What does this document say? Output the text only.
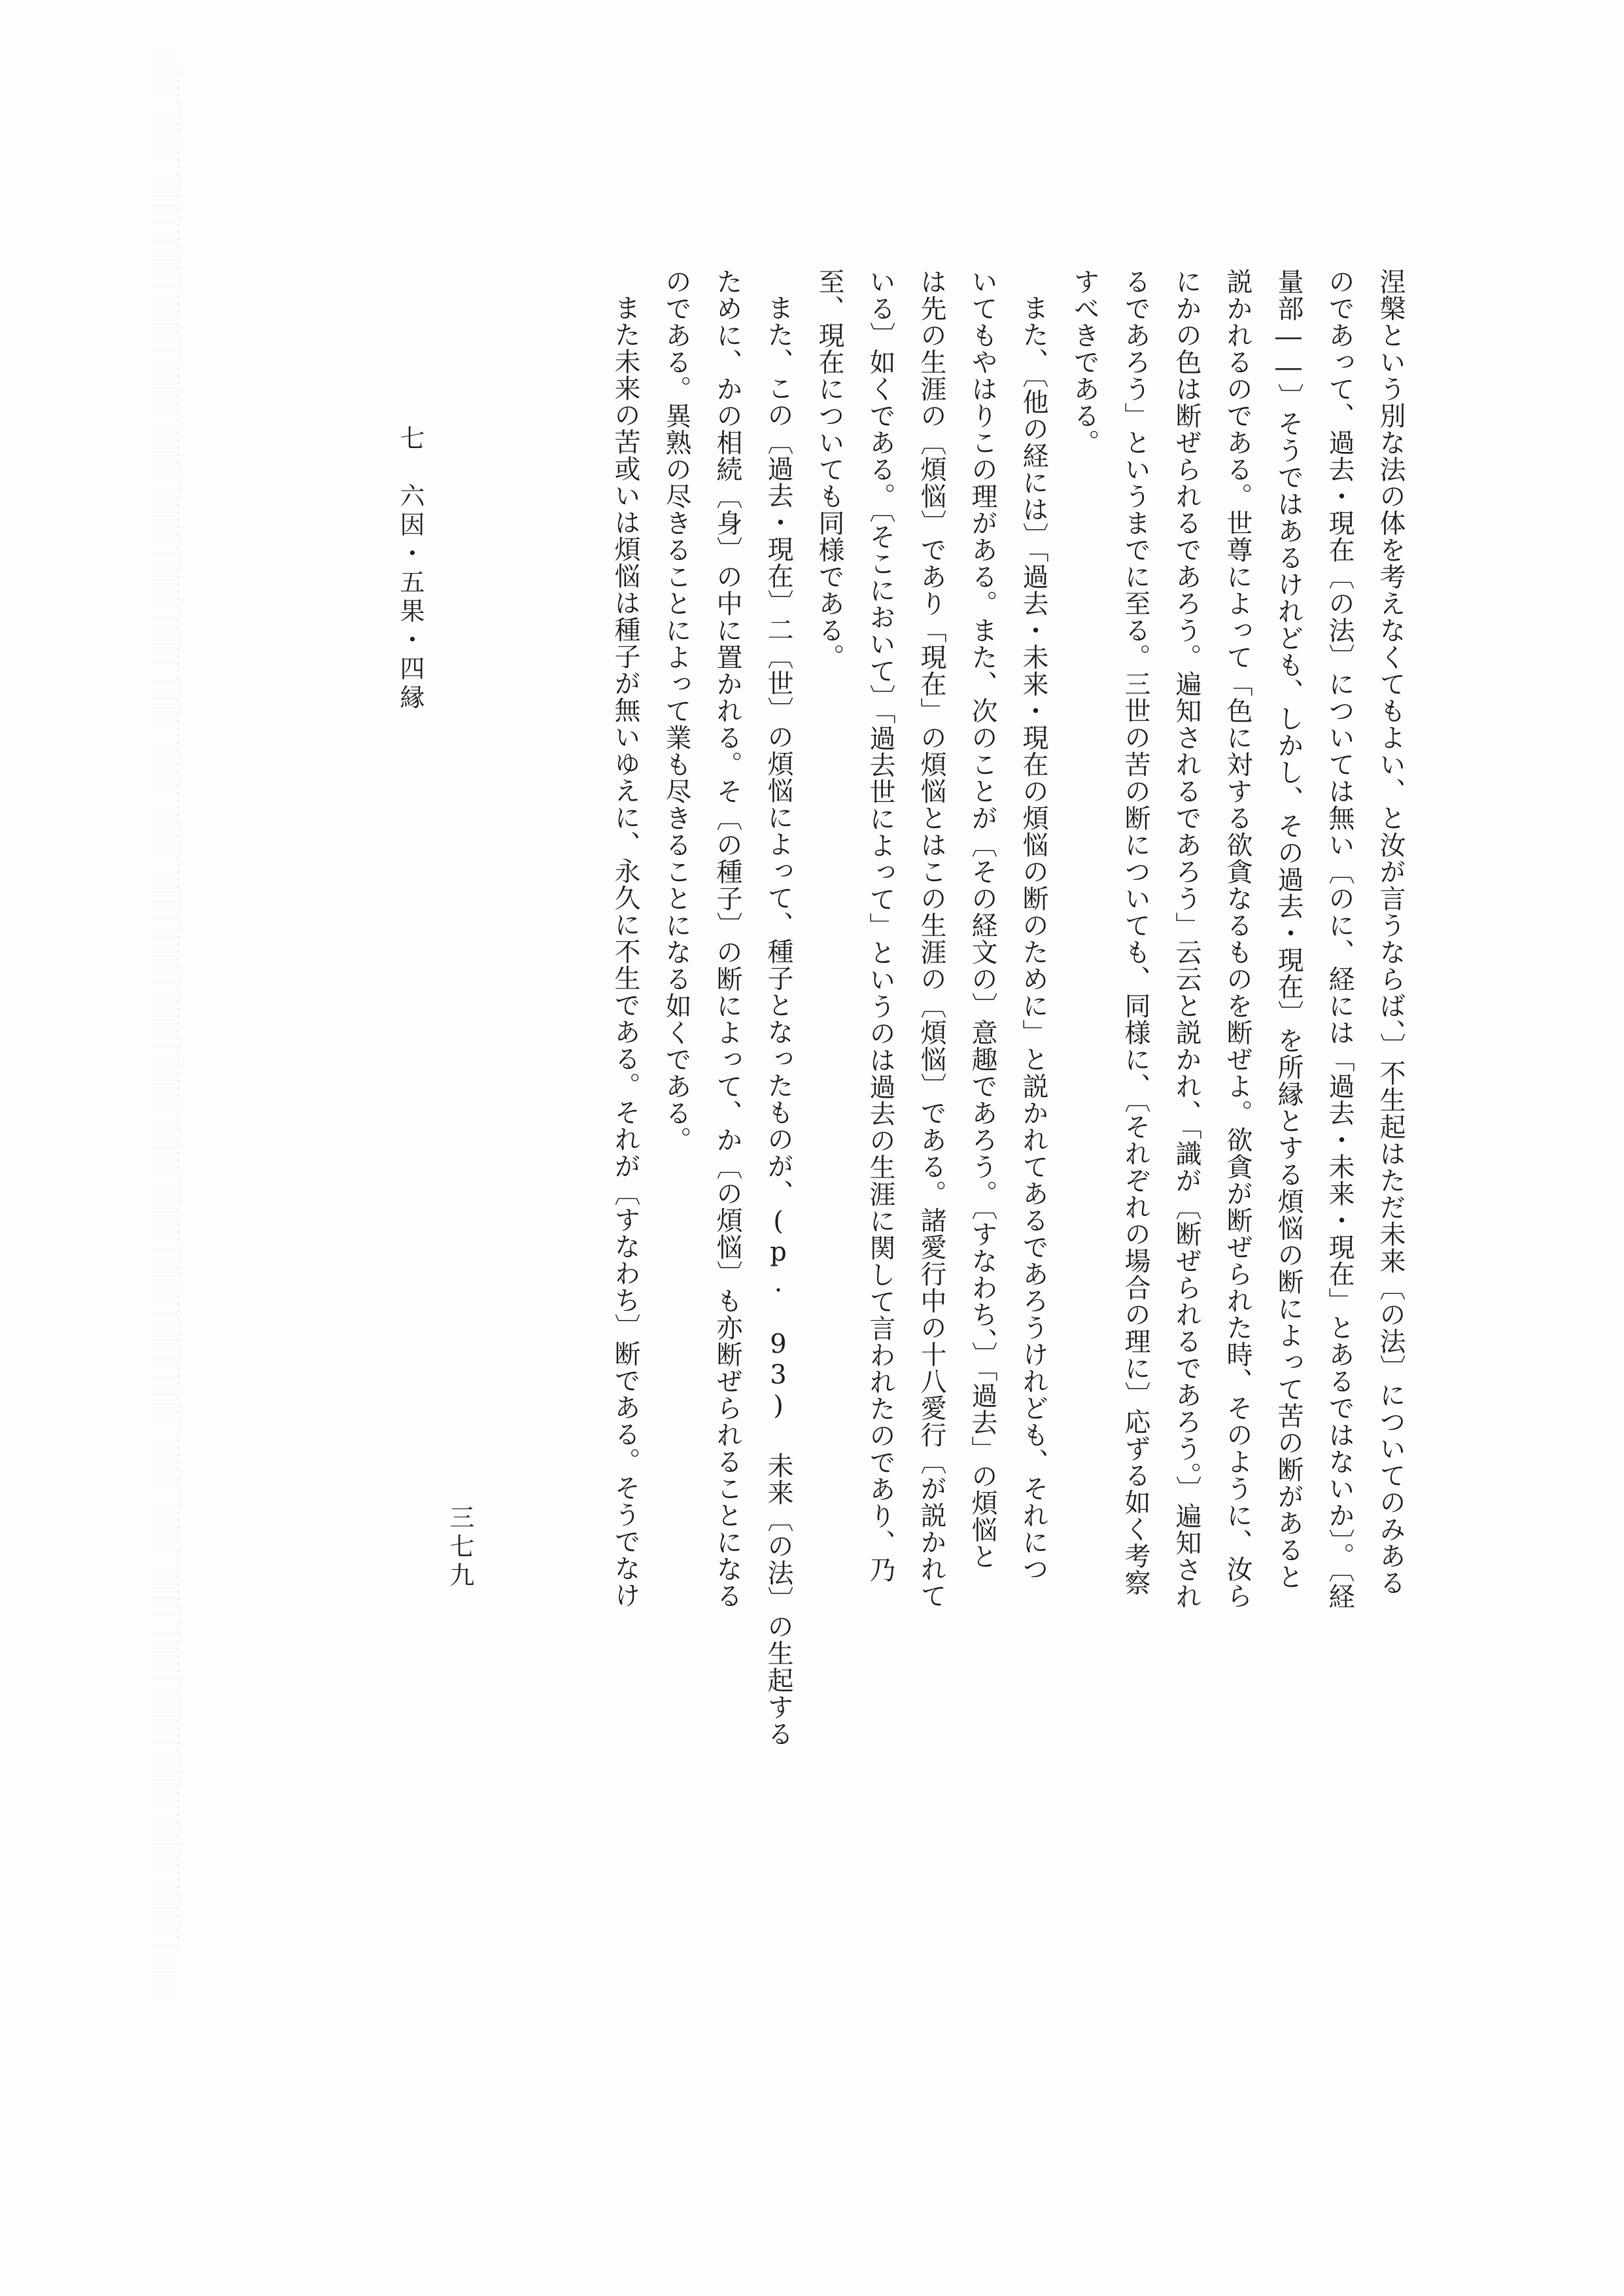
涅槃という別な法の体を考えなくてもよい、と汝が言うならば、〕不生起はただ未来〔の法〕についてのみある
のであって、過去・現在〔の法〕については無い〔のに、経には「過去・未来・現在」とあるではないか〕。〔経
量部――〕そうではあるけれども、しかし、その過去・現在〕を所縁とする煩悩の断によって苦の断があると
説かれるのである。世尊によって「色に対する欲貪なるものを断ぜよ。欲貪が断ぜられた時、そのように、汝ら
にかの色は断ぜられるであろう。遍知されるであろう」云云と説かれ、「識が〔断ぜられるであろう。〕遍知され
るであろう」というまでに至る。三世の苦の断についても、同様に、〔それぞれの場合の理に〕応ずる如く考察
すべきである。
また、〔他の経には〕「過去・未来・現在の煩悩の断のために」と説かれてあるであろうけれども、それにつ
いてもやはりこの理がある。また、次のことが〔その経文の〕意趣であろう。〔すなわち、〕「過去」の煩悩と
は先の生涯の〔煩悩〕であり「現在」の煩悩とはこの生涯の〔煩悩〕である。諸愛行中の十八愛行〔が説かれて
いる〕如くである。〔そこにおいて〕「過去世によって」というのは過去の生涯に関して言われたのであり、乃
至、現在についても同様である。
また、この〔過去・現在〕二〔世〕の煩悩によって、種子となったものが、(p. 93) 未来〔の法〕の生起する
ために、かの相続〔身〕の中に置かれる。そ〔の種子〕の断によって、か〔の煩悩〕も亦断ぜられることになる
のである。異熟の尽きることによって業も尽きることになる如くである。
また未来の苦或いは煩悩は種子が無いゆえに、永久に不生である。それが〔すなわち〕断である。そうでなけ
三七九
七　六因・五果・四縁
